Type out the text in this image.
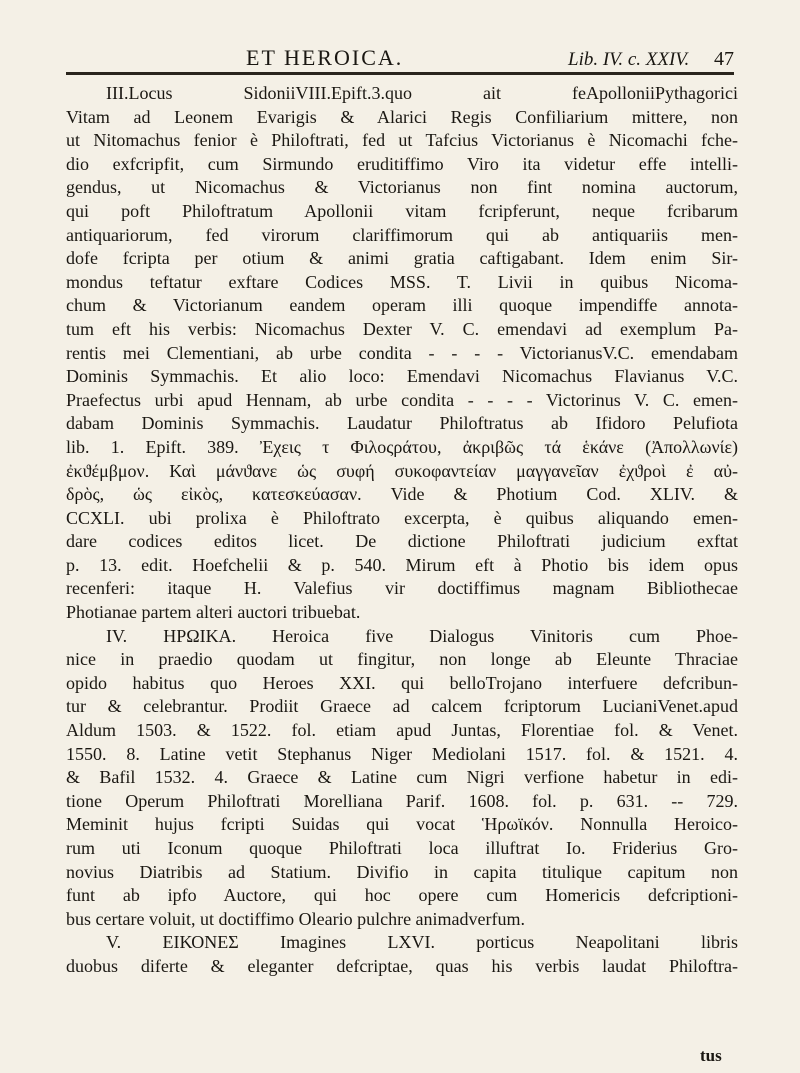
ET HEROICA.	Lib. IV. c. XXIV. 47
III.Locus SidoniiVIII.Epift.3.quo ait feApolloniiPythagorici
Vitam ad Leonem Evarigis & Alarici Regis Confiliarium mittere, non
ut Nitomachus fenior è Philoftrati, fed ut Tafcius Victorianus è Nicomachi fche-
dio exfcripfit, cum Sirmundo eruditiffimo Viro ita videtur effe intelli-
gendus, ut Nicomachus & Victorianus non fint nomina auctorum,
qui poft Philoftratum Apollonii vitam fcripferunt, neque fcribarum
antiquariorum, fed virorum clariffimorum qui ab antiquariis men-
dofe fcripta per otium & animi gratia caftigabant. Idem enim Sir-
mondus teftatur exftare Codices MSS. T. Livii in quibus Nicoma-
chum & Victorianum eandem operam illi quoque impendiffe annota-
tum eft his verbis: Nicomachus Dexter V. C. emendavi ad exemplum Pa-
rentis mei Clementiani, ab urbe condita - - - - VictorianusV.C. emendabam
Dominis Symmachis. Et alio loco: Emendavi Nicomachus Flavianus V.C.
Praefectus urbi apud Hennam, ab urbe condita - - - - Victorinus V. C. emen-
dabam Dominis Symmachis. Laudatur Philoftratus ab Ifidoro Pelufiota
lib. 1. Epift. 389. Ἐχεις τ Φιλοςράτου, ἀκριβῶς τά ἑκάνε (Ἀπολλωνίε)
ἐκϑέμβμον. Καὶ μάνϑανε ὡς συφή συκοφαντείαν μαγγανεῖαν ἐχϑροὶ ἐ αὐ-
δρὸς, ὡς εἰκὸς, κατεσκεύασαν. Vide & Photium Cod. XLIV. &
CCXLI. ubi prolixa è Philoftrato excerpta, è quibus aliquando emen-
dare codices editos licet. De dictione Philoftrati judicium exftat
p. 13. edit. Hoefchelii & p. 540. Mirum eft à Photio bis idem opus
recenferi: itaque H. Valefius vir doctiffimus magnam Bibliothecae
Photianae partem alteri auctori tribuebat.
IV. ΗΡΩΙΚΑ. Heroica five Dialogus Vinitoris cum Phoe-
nice in praedio quodam ut fingitur, non longe ab Eleunte Thraciae
opido habitus quo Heroes XXI. qui belloTrojano interfuere defcribun-
tur & celebrantur. Prodiit Graece ad calcem fcriptorum LucianiVenet.apud
Aldum 1503. & 1522. fol. etiam apud Juntas, Florentiae fol. & Venet.
1550. 8. Latine vetit Stephanus Niger Mediolani 1517. fol. & 1521. 4.
& Bafil 1532. 4. Graece & Latine cum Nigri verfione habetur in edi-
tione Operum Philoftrati Morelliana Parif. 1608. fol. p. 631. -- 729.
Meminit hujus fcripti Suidas qui vocat Ἡρωϊκόν. Nonnulla Heroico-
rum uti Iconum quoque Philoftrati loca illuftrat Io. Friderius Gro-
novius Diatribis ad Statium. Divifio in capita titulique capitum non
funt ab ipfo Auctore, qui hoc opere cum Homericis defcriptioni-
bus certare voluit, ut doctiffimo Oleario pulchre animadverfum.
V. ΕΙΚΟΝΕΣ Imagines LXVI. porticus Neapolitani libris
duobus diferte & eleganter defcriptae, quas his verbis laudat Philoftra-
tus
